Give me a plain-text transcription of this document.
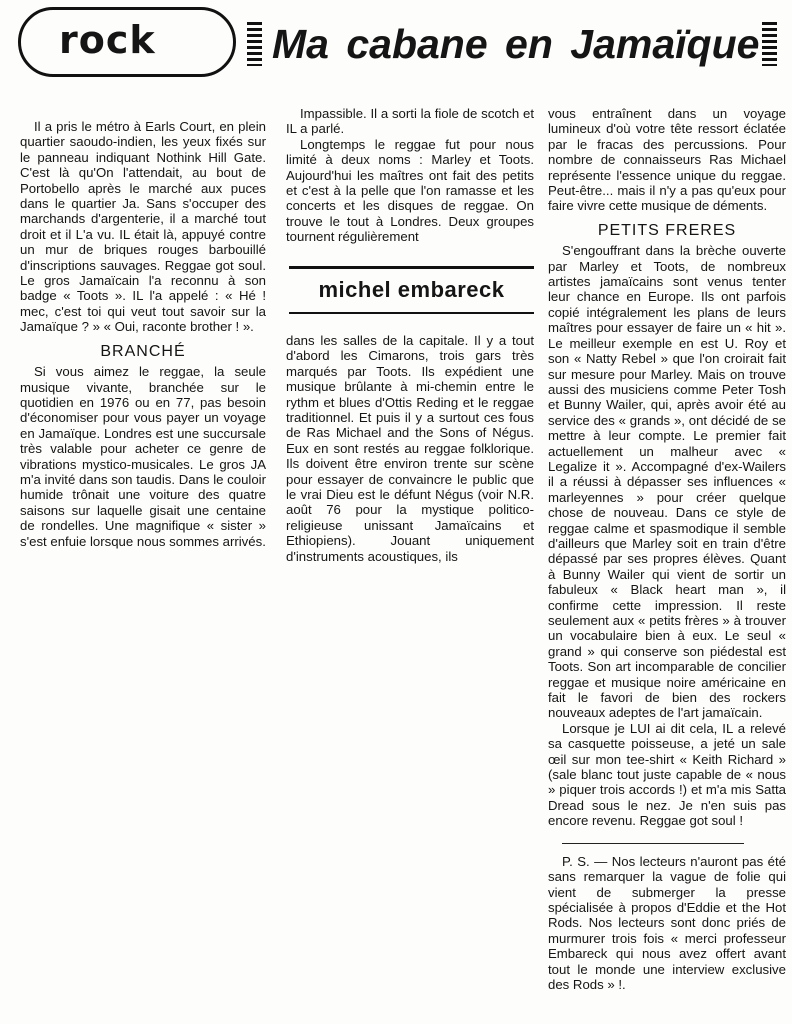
rock	Ma cabane en Jamaïque

Il a pris le métro à Earls Court, en plein quartier saoudo-indien, les yeux fixés sur le panneau indiquant Nothink Hill Gate. C'est là qu'On l'attendait, au bout de Portobello après le marché aux puces dans le quartier Ja. Sans s'occuper des marchands d'argenterie, il a marché tout droit et il L'a vu. IL était là, appuyé contre un mur de briques rouges barbouillé d'inscriptions sauvages. Reggae got soul. Le gros Jamaïcain l'a reconnu à son badge « Toots ». IL l'a appelé : « Hé ! mec, c'est toi qui veut tout savoir sur la Jamaïque ? » « Oui, raconte brother ! ».

BRANCHÉ

Si vous aimez le reggae, la seule musique vivante, branchée sur le quotidien en 1976 ou en 77, pas besoin d'économiser pour vous payer un voyage en Jamaïque. Londres est une succursale très valable pour acheter ce genre de vibrations mystico-musicales. Le gros JA m'a invité dans son taudis. Dans le couloir humide trônait une voiture des quatre saisons sur laquelle gisait une centaine de rondelles. Une magnifique « sister » s'est enfuie lorsque nous sommes arrivés.

Impassible. Il a sorti la fiole de scotch et IL a parlé.

Longtemps le reggae fut pour nous limité à deux noms : Marley et Toots. Aujourd'hui les maîtres ont fait des petits et c'est à la pelle que l'on ramasse et les concerts et les disques de reggae. On trouve le tout à Londres. Deux groupes tournent régulièrement

michel embareck

dans les salles de la capitale. Il y a tout d'abord les Cimarons, trois gars très marqués par Toots. Ils expédient une musique brûlante à mi-chemin entre le rythm et blues d'Ottis Reding et le reggae traditionnel. Et puis il y a surtout ces fous de Ras Michael and the Sons of Négus. Eux en sont restés au reggae folklorique. Ils doivent être environ trente sur scène pour essayer de convaincre le public que le vrai Dieu est le défunt Négus (voir N.R. août 76 pour la mystique politico-religieuse unissant Jamaïcains et Ethiopiens). Jouant uniquement d'instruments acoustiques, ils

vous entraînent dans un voyage lumineux d'où votre tête ressort éclatée par le fracas des percussions. Pour nombre de connaisseurs Ras Michael représente l'essence unique du reggae. Peut-être... mais il n'y a pas qu'eux pour faire vivre cette musique de déments.

PETITS FRERES

S'engouffrant dans la brèche ouverte par Marley et Toots, de nombreux artistes jamaïcains sont venus tenter leur chance en Europe. Ils ont parfois copié intégralement les plans de leurs maîtres pour essayer de faire un « hit ». Le meilleur exemple en est U. Roy et son « Natty Rebel » que l'on croirait fait sur mesure pour Marley. Mais on trouve aussi des musiciens comme Peter Tosh et Bunny Wailer, qui, après avoir été au service des « grands », ont décidé de se mettre à leur compte. Le premier fait actuellement un malheur avec « Legalize it ». Accompagné d'ex-Wailers il a réussi à dépasser ses influences « marleyennes » pour créer quelque chose de nouveau. Dans ce style de reggae calme et spasmodique il semble d'ailleurs que Marley soit en train d'être dépassé par ses propres élèves. Quant à Bunny Wailer qui vient de sortir un fabuleux « Black heart man », il confirme cette impression. Il reste seulement aux « petits frères » à trouver un vocabulaire bien à eux. Le seul « grand » qui conserve son piédestal est Toots. Son art incomparable de concilier reggae et musique noire américaine en fait le favori de bien des rockers nouveaux adeptes de l'art jamaïcain.

Lorsque je LUI ai dit cela, IL a relevé sa casquette poisseuse, a jeté un sale œil sur mon tee-shirt « Keith Richard » (sale blanc tout juste capable de « nous » piquer trois accords !) et m'a mis Satta Dread sous le nez. Je n'en suis pas encore revenu. Reggae got soul !

P. S. — Nos lecteurs n'auront pas été sans remarquer la vague de folie qui vient de submerger la presse spécialisée à propos d'Eddie et the Hot Rods. Nos lecteurs sont donc priés de murmurer trois fois « merci professeur Embareck qui nous avez offert avant tout le monde une interview exclusive des Rods » !.
